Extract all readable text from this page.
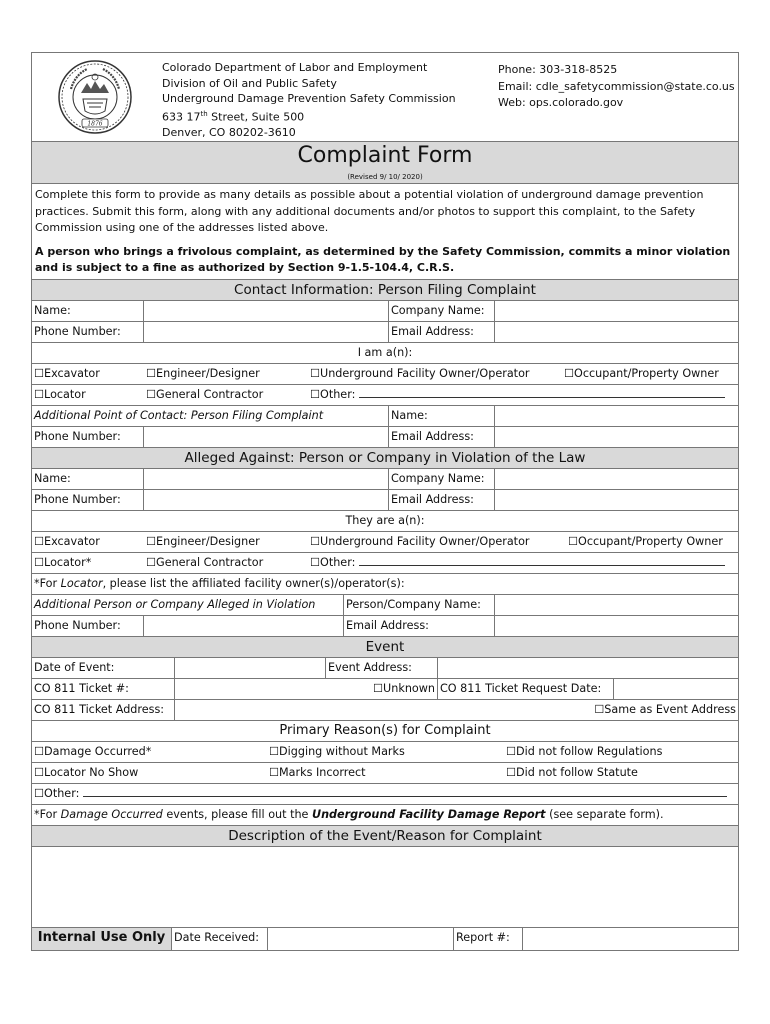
1876
Colorado Department of Labor and Employment
Division of Oil and Public Safety
Underground Damage Prevention Safety Commission
633 17th Street, Suite 500
Denver, CO 80202-3610
Phone: 303-318-8525
Email: cdle_safetycommission@state.co.us
Web: ops.colorado.gov
Complaint Form
(Revised 9/ 10/ 2020)

Complete this form to provide as many details as possible about a potential violation of underground damage prevention practices. Submit this form, along with any additional documents and/or photos to support this complaint, to the Safety Commission using one of the addresses listed above.

A person who brings a frivolous complaint, as determined by the Safety Commission, commits a minor violation and is subject to a fine as authorized by Section 9-1.5-104.4, C.R.S.

Contact Information: Person Filing Complaint
Name:	Company Name:
Phone Number:	Email Address:
I am a(n):
☐Excavator	☐Engineer/Designer	☐Underground Facility Owner/Operator	☐Occupant/Property Owner
☐Locator	☐General Contractor	☐Other:
Additional Point of Contact: Person Filing Complaint	Name:
Phone Number:	Email Address:
Alleged Against: Person or Company in Violation of the Law
Name:	Company Name:
Phone Number:	Email Address:
They are a(n):
☐Excavator	☐Engineer/Designer	☐Underground Facility Owner/Operator	☐Occupant/Property Owner
☐Locator*	☐General Contractor	☐Other:
*For Locator, please list the affiliated facility owner(s)/operator(s):
Additional Person or Company Alleged in Violation	Person/Company Name:
Phone Number:	Email Address:
Event
Date of Event:	Event Address:
CO 811 Ticket #:	☐Unknown CO 811 Ticket Request Date:
CO 811 Ticket Address:	☐Same as Event Address
Primary Reason(s) for Complaint
☐Damage Occurred*	☐Digging without Marks	☐Did not follow Regulations
☐Locator No Show	☐Marks Incorrect	☐Did not follow Statute
☐Other:
*For Damage Occurred events, please fill out the Underground Facility Damage Report (see separate form).
Description of the Event/Reason for Complaint
Internal Use Only Date Received:	Report #:
